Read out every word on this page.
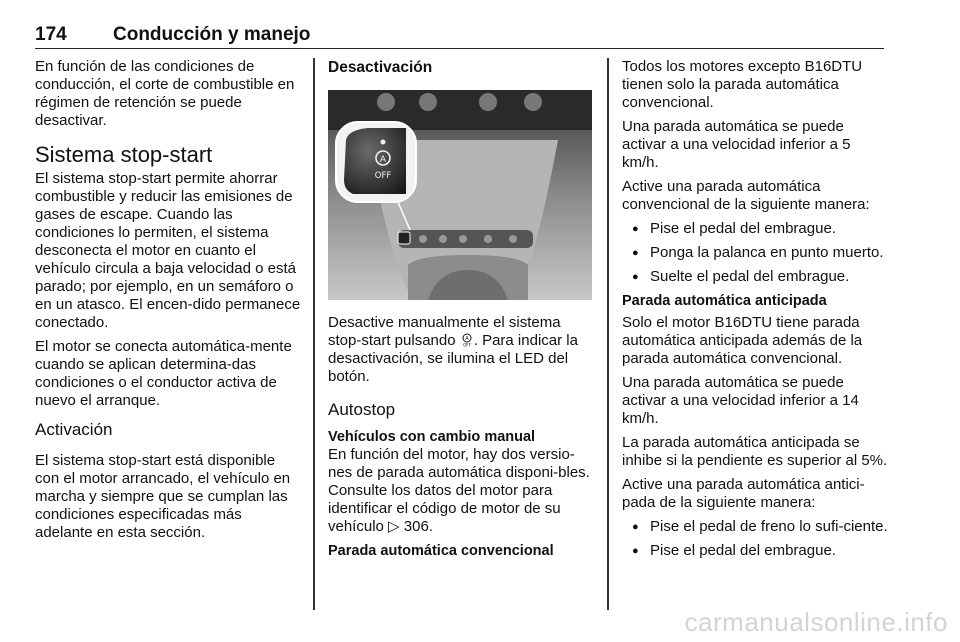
174 Conducción y manejo

En función de las condiciones de conducción, el corte de combustible en régimen de retención se puede desactivar.

Sistema stop-start

El sistema stop-start permite ahorrar combustible y reducir las emisiones de gases de escape. Cuando las condiciones lo permiten, el sistema desconecta el motor en cuanto el vehículo circula a baja velocidad o está parado; por ejemplo, en un semáforo o en un atasco. El encen-dido permanece conectado.

El motor se conecta automática-mente cuando se aplican determina-das condiciones o el conductor activa de nuevo el arranque.

Activación

El sistema stop-start está disponible con el motor arrancado, el vehículo en marcha y siempre que se cumplan las condiciones especificadas más adelante en esta sección.

Desactivación
A
OFF

Desactive manualmente el sistema stop-start pulsando A
OFF . Para indicar la desactivación, se ilumina el LED del botón.

Autostop
Vehículos con cambio manual

En función del motor, hay dos versio-nes de parada automática disponi-bles. Consulte los datos del motor para identificar el código de motor de su vehículo ▷ 306.

Parada automática convencional

Todos los motores excepto B16DTU tienen solo la parada automática convencional.

Una parada automática se puede activar a una velocidad inferior a 5 km/h.

Active una parada automática convencional de la siguiente manera:

● Pise el pedal del embrague.
● Ponga la palanca en punto muerto.
● Suelte el pedal del embrague.
Parada automática anticipada

Solo el motor B16DTU tiene parada automática anticipada además de la parada automática convencional.

Una parada automática se puede activar a una velocidad inferior a 14 km/h.

La parada automática anticipada se inhibe si la pendiente es superior al 5%.

Active una parada automática antici-pada de la siguiente manera:

● Pise el pedal de freno lo sufi-ciente.
● Pise el pedal del embrague.
carmanualsonline.info
